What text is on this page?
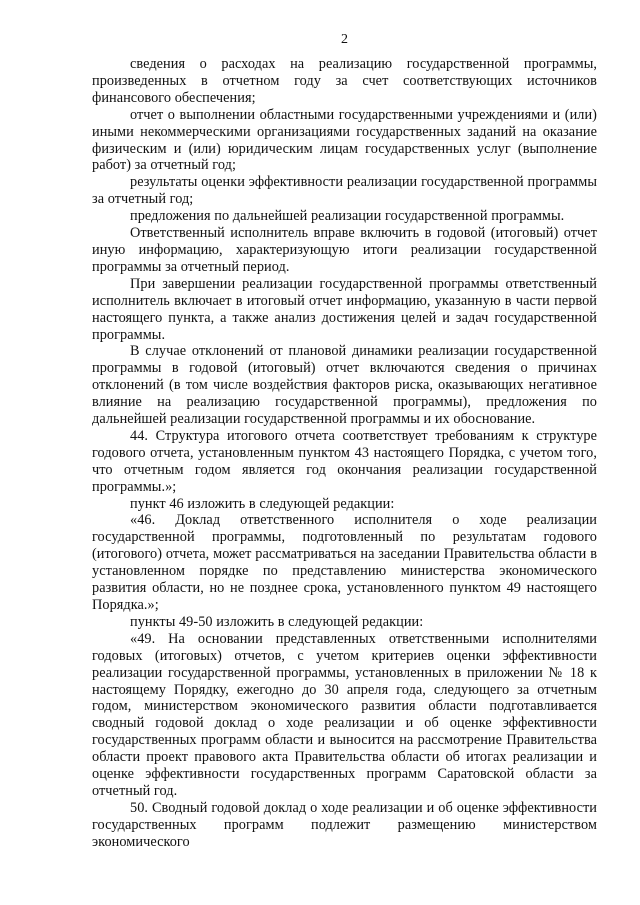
2

сведения о расходах на реализацию государственной программы, произведенных в отчетном году за счет соответствующих источников финансового обеспечения;

отчет о выполнении областными государственными учреждениями и (или) иными некоммерческими организациями государственных заданий на оказание физическим и (или) юридическим лицам государственных услуг (выполнение работ) за отчетный год;

результаты оценки эффективности реализации государственной программы за отчетный год;

предложения по дальнейшей реализации государственной программы.

Ответственный исполнитель вправе включить в годовой (итоговый) отчет иную информацию, характеризующую итоги реализации государственной программы за отчетный период.

При завершении реализации государственной программы ответственный исполнитель включает в итоговый отчет информацию, указанную в части первой настоящего пункта, а также анализ достижения целей и задач государственной программы.

В случае отклонений от плановой динамики реализации государственной программы в годовой (итоговый) отчет включаются сведения о причинах отклонений (в том числе воздействия факторов риска, оказывающих негативное влияние на реализацию государственной программы), предложения по дальнейшей реализации государственной программы и их обоснование.

44. Структура итогового отчета соответствует требованиям к структуре годового отчета, установленным пунктом 43 настоящего Порядка, с учетом того, что отчетным годом является год окончания реализации государственной программы.»;

пункт 46 изложить в следующей редакции:

«46. Доклад ответственного исполнителя о ходе реализации государственной программы, подготовленный по результатам годового (итогового) отчета, может рассматриваться на заседании Правительства области в установленном порядке по представлению министерства экономического развития области, но не позднее срока, установленного пунктом 49 настоящего Порядка.»;

пункты 49-50 изложить в следующей редакции:

«49. На основании представленных ответственными исполнителями годовых (итоговых) отчетов, с учетом критериев оценки эффективности реализации государственной программы, установленных в приложении № 18 к настоящему Порядку, ежегодно до 30 апреля года, следующего за отчетным годом, министерством экономического развития области подготавливается сводный годовой доклад о ходе реализации и об оценке эффективности государственных программ области и выносится на рассмотрение Правительства области проект правового акта Правительства области об итогах реализации и оценке эффективности государственных программ Саратовской области за отчетный год.

50. Сводный годовой доклад о ходе реализации и об оценке эффективности государственных программ подлежит размещению министерством экономического
